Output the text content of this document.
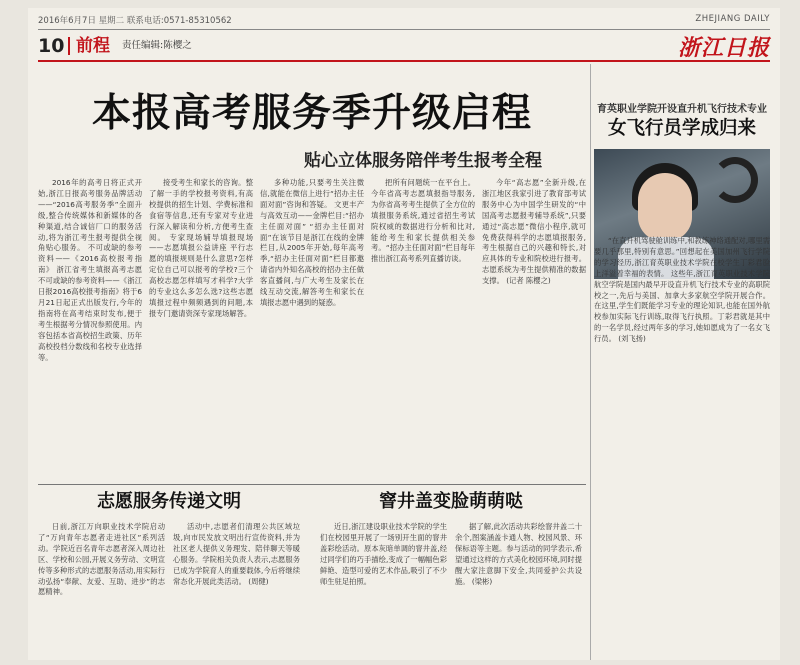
2016年6月7日 星期二 联系电话:0571-85310562	ZHEJIANG DAILY
10 前程 责任编辑:陈樱之	浙江日报
本报高考服务季升级启程
贴心立体服务陪伴考生报考全程

2016年的高考日将正式开始,浙江日报高考服务品牌活动——“2016高考服务季”全面升级,整合传统媒体和新媒体的各种渠道,结合诚信厂口的服务活动,将为浙江考生报考提供全视角贴心服务。 不可或缺的参考资料——《2016高校报考指南》 浙江省考生填报高考志愿不可或缺的参考资料——《浙江日报2016高校报考指南》将于6月21日起正式出版发行,今年的指南将在高考结束时发布,便于考生根据考分情况参照使用。内容包括本省高校招生政策、历年高校投档分数线和名校专业选择等。

接受考生和家长的咨询。整了解一手的学校报考资料,有高校提供的招生计划、学费标准和食宿等信息,还有专家对专业进行深入解读和分析,方便考生查阅。 专家现场辅导填报现场——志愿填报公益讲座 平行志愿的填报规则是什么意思?怎样定位自己可以报考的学校?三个高校志愿怎样填写才科学?大学的专业这么多怎么选?这些志愿填报过程中频频遇到的问题,本报专门邀请资深专家现场解答。

多种功能,只要考生关注微信,就能在微信上进行“招办主任面对面”咨询和答疑。 文更丰产与高效互动——金牌栏目:“招办主任面对面” “招办主任面对面”在该节目是浙江在线的金牌栏目,从2005年开始,每年高考季,“招办主任面对面”栏目都邀请省内外知名高校的招办主任做客直播间,与广大考生及家长在线互动交流,解答考生和家长在填报志愿中遇到的疑惑。

把所有问题统一在平台上。今年省高考志愿填报指导服务,为你省高考考生提供了全方位的填报服务系统,通过省招生考试院权威的数据进行分析和比对,能给考生和家长提供相关参考。“招办主任面对面”栏目每年推出浙江高考系列直播访谈。

今年“高志愿”全新升级,在浙江地区我家引进了教育部考试服务中心为中国学生研发的“中国高考志愿报考辅导系统”,只要通过“高志愿”微信小程序,就可免费获得科学的志愿填报服务,考生根据自己的兴趣和特长,对应具体的专业和院校进行报考。志愿系统为考生提供精准的数据支撑。 (记者 陈樱之)

育英职业学院开设直升机飞行技术专业
女飞行员学成归来

“在直升机驾驶舱训练中,和教练神络通配对,哪里需要几乎那里,特别有意思。”回想起在美国加州飞行学院的学习经历,浙江育英职业技术学院在校学生丁彩君脸上洋溢着幸福的表情。 这些年,浙江育英职业技术学院航空学院是国内最早开设直升机飞行技术专业的高职院校之一,先后与美国、加拿大多家航空学院开展合作。在这里,学生们既能学习专业的理论知识,也能在国外航校参加实际飞行训练,取得飞行执照。丁彩君就是其中的一名学员,经过两年多的学习,她如愿成为了一名女飞行员。 (刘飞扬)

志愿服务传递文明

日前,浙江万向职业技术学院启动了“万向青年志愿者走进社区”系列活动。学院近百名青年志愿者深入周边社区、学校和公园,开展义务劳动、文明宣传等多种形式的志愿服务活动,用实际行动弘扬“奉献、友爱、互助、进步”的志愿精神。

活动中,志愿者们清理公共区域垃圾,向市民发放文明出行宣传资料,并为社区老人提供义务理发、陪伴聊天等暖心服务。学院相关负责人表示,志愿服务已成为学院育人的重要载体,今后将继续常态化开展此类活动。 (周健)

窨井盖变脸萌萌哒

近日,浙江建设职业技术学院的学生们在校园里开展了一场别开生面的窨井盖彩绘活动。原本灰暗单调的窨井盖,经过同学们的巧手描绘,变成了一幅幅色彩鲜艳、造型可爱的艺术作品,吸引了不少师生驻足拍照。

据了解,此次活动共彩绘窨井盖二十余个,图案涵盖卡通人物、校园风景、环保标语等主题。参与活动的同学表示,希望通过这样的方式美化校园环境,同时提醒大家注意脚下安全,共同爱护公共设施。 (梁彬)
